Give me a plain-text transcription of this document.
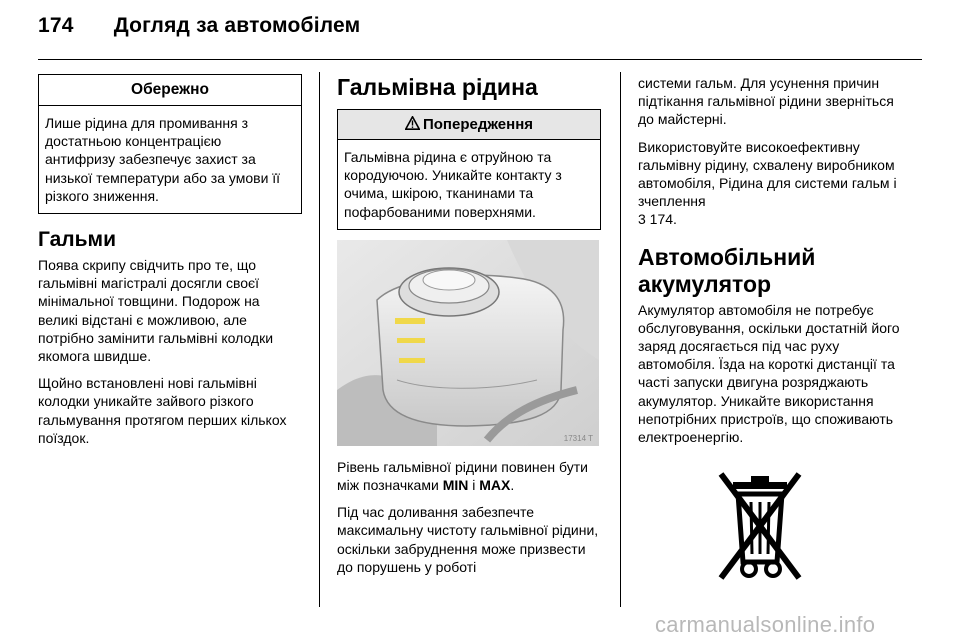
174 Догляд за автомобілем
Обережно
Лише рідина для промивання з достатньою концентрацією антифризу забезпечує захист за низької температури або за умови її різкого зниження.
Гальми

Поява скрипу свідчить про те, що гальмівні магістралі досягли своєї мінімальної товщини. Подорож на великі відстані є можливою, але потрібно замінити гальмівні колодки якомога швидше.

Щойно встановлені нові гальмівні колодки уникайте зайвого різкого гальмування протягом перших кількох поїздок.

Гальмівна рідина
Попередження
Гальмівна рідина є отруйною та кородуючою. Уникайте контакту з очима, шкірою, тканинами та пофарбованими поверхнями.
17314 T

Рівень гальмівної рідини повинен бути між позначками MIN і MAX.

Під час доливання забезпечте максимальну чистоту гальмівної рідини, оскільки забруднення може призвести до порушень у роботі

системи гальм. Для усунення причин підтікання гальмівної рідини зверніться до майстерні.

Використовуйте високоефективну гальмівну рідину, схвалену виробником автомобіля, Рідина для системи гальм і зчеплення
3 174.

Автомобільний
акумулятор

Акумулятор автомобіля не потребує обслуговування, оскільки достатній його заряд досягається під час руху автомобіля. Їзда на короткі дистанції та часті запуски двигуна розряджають акумулятор. Уникайте використання непотрібних пристроїв, що споживають електроенергію.

carmanualsonline.info
